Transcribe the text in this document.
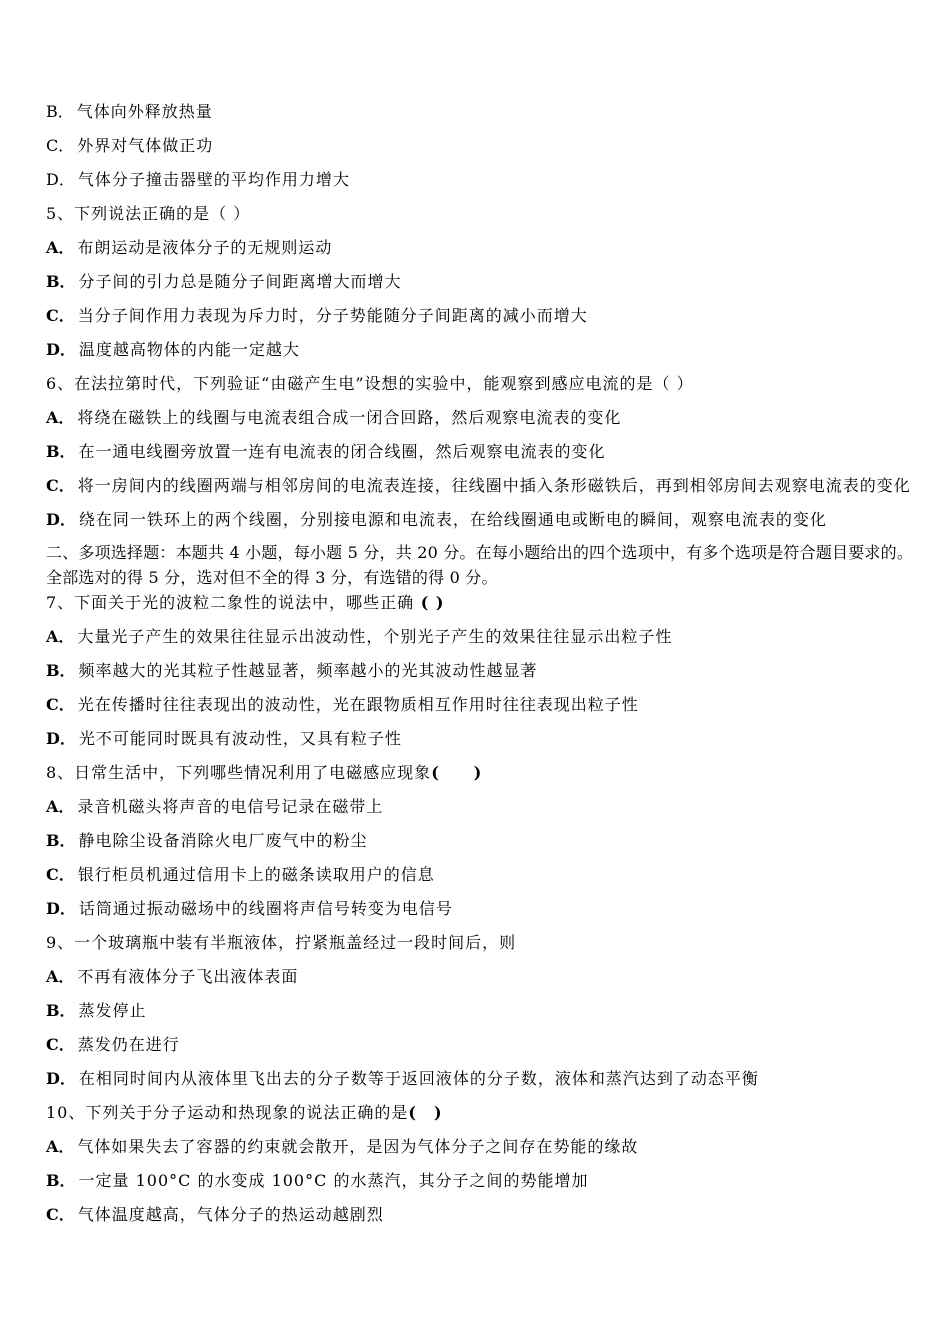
B． 气体向外释放热量
C． 外界对气体做正功
D． 气体分子撞击器壁的平均作用力增大
5、下列说法正确的是（ ）
A． 布朗运动是液体分子的无规则运动
B． 分子间的引力总是随分子间距离增大而增大
C． 当分子间作用力表现为斥力时，分子势能随分子间距离的减小而增大
D． 温度越高物体的内能一定越大
6、在法拉第时代，下列验证“由磁产生电”设想的实验中，能观察到感应电流的是（ ）
A． 将绕在磁铁上的线圈与电流表组合成一闭合回路，然后观察电流表的变化
B． 在一通电线圈旁放置一连有电流表的闭合线圈，然后观察电流表的变化
C． 将一房间内的线圈两端与相邻房间的电流表连接，往线圈中插入条形磁铁后，再到相邻房间去观察电流表的变化
D． 绕在同一铁环上的两个线圈，分别接电源和电流表，在给线圈通电或断电的瞬间，观察电流表的变化
二、多项选择题：本题共 4 小题，每小题 5 分，共 20 分。在每小题给出的四个选项中，有多个选项是符合题目要求的。
全部选对的得 5 分，选对但不全的得 3 分，有选错的得 0 分。
7、下面关于光的波粒二象性的说法中，哪些正确 ( )
A． 大量光子产生的效果往往显示出波动性，个别光子产生的效果往往显示出粒子性
B． 频率越大的光其粒子性越显著，频率越小的光其波动性越显著
C． 光在传播时往往表现出的波动性，光在跟物质相互作用时往往表现出粒子性
D． 光不可能同时既具有波动性，又具有粒子性
8、日常生活中，下列哪些情况利用了电磁感应现象(　　)
A． 录音机磁头将声音的电信号记录在磁带上
B． 静电除尘设备消除火电厂废气中的粉尘
C． 银行柜员机通过信用卡上的磁条读取用户的信息
D． 话筒通过振动磁场中的线圈将声信号转变为电信号
9、一个玻璃瓶中装有半瓶液体，拧紧瓶盖经过一段时间后，则
A． 不再有液体分子飞出液体表面
B． 蒸发停止
C． 蒸发仍在进行
D． 在相同时间内从液体里飞出去的分子数等于返回液体的分子数，液体和蒸汽达到了动态平衡
10、下列关于分子运动和热现象的说法正确的是(　)
A． 气体如果失去了容器的约束就会散开，是因为气体分子之间存在势能的缘故
B． 一定量 100°C 的水变成 100°C 的水蒸汽，其分子之间的势能增加
C． 气体温度越高，气体分子的热运动越剧烈
